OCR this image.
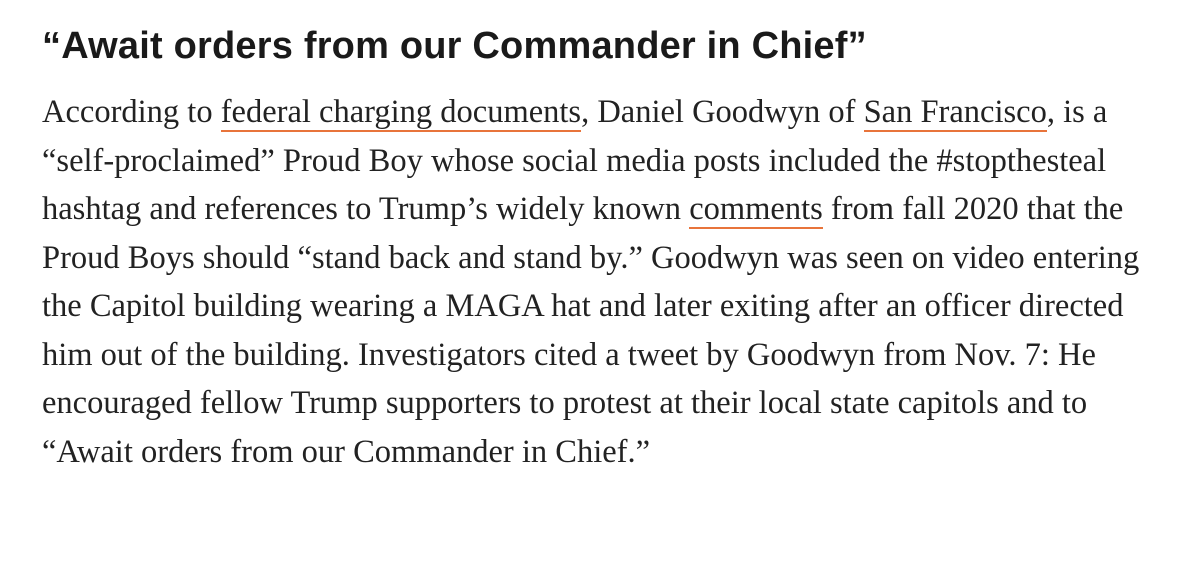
“Await orders from our Commander in Chief”

According to federal charging documents, Daniel Goodwyn of San Francisco, is a “self-proclaimed” Proud Boy whose social media posts included the #stopthesteal hashtag and references to Trump’s widely known comments from fall 2020 that the Proud Boys should “stand back and stand by.” Goodwyn was seen on video entering the Capitol building wearing a MAGA hat and later exiting after an officer directed him out of the building. Investigators cited a tweet by Goodwyn from Nov. 7: He encouraged fellow Trump supporters to protest at their local state capitols and to “Await orders from our Commander in Chief.”
